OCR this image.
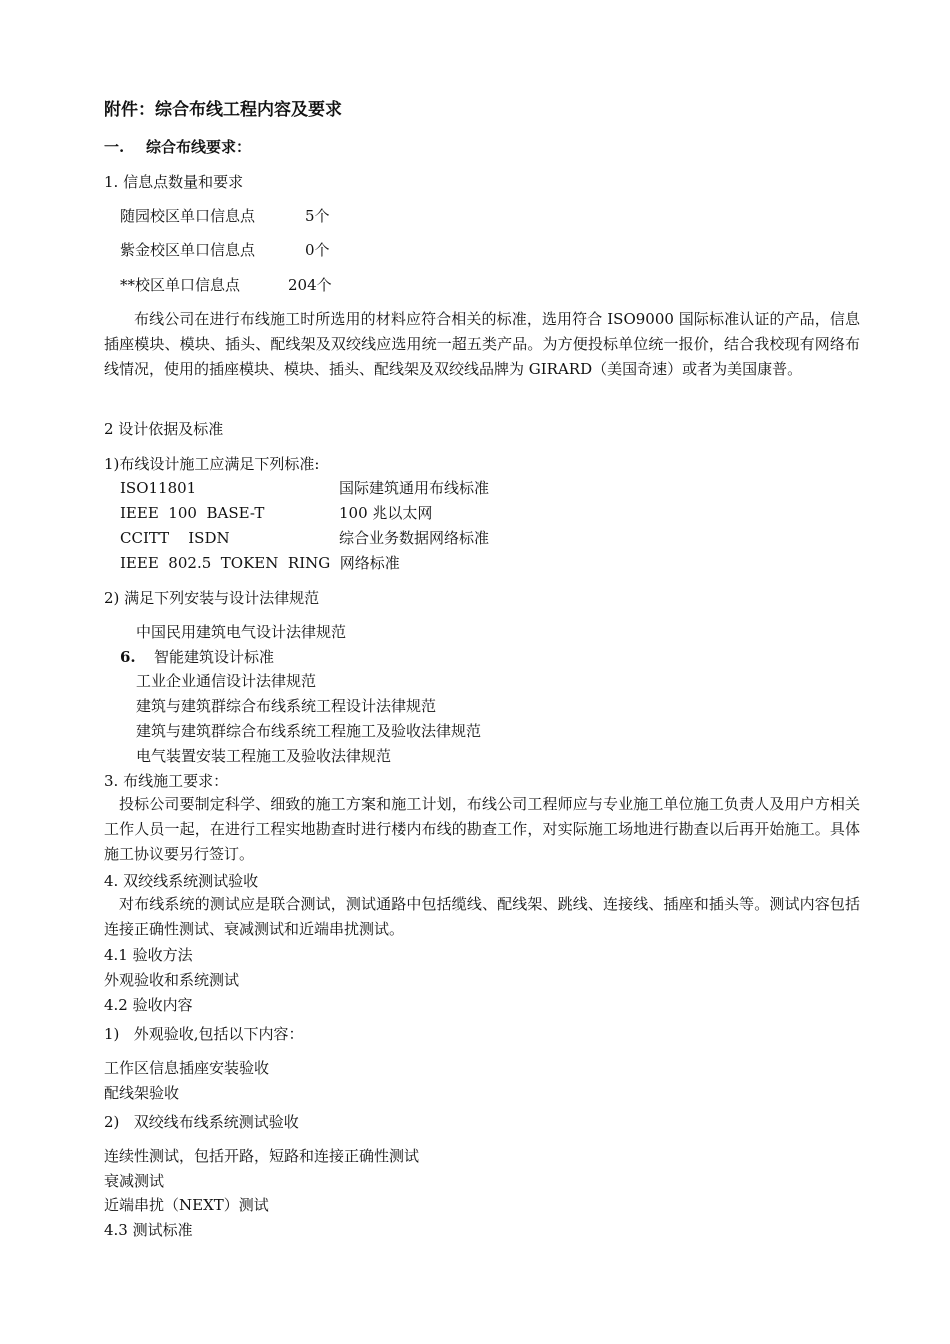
附件：综合布线工程内容及要求
一. 综合布线要求：
1. 信息点数量和要求
随园校区单口信息点	5个
紫金校区单口信息点	0个
**校区单口信息点	204个
布线公司在进行布线施工时所选用的材料应符合相关的标准，选用符合 ISO9000 国际标准认证的产品，信息插座模块、模块、插头、配线架及双绞线应选用统一超五类产品。为方便投标单位统一报价，结合我校现有网络布线情况，使用的插座模块、模块、插头、配线架及双绞线品牌为 GIRARD（美国奇速）或者为美国康普。
2 设计依据及标准
1)布线设计施工应满足下列标准:
ISO11801	国际建筑通用布线标准
IEEE  100  BASE-T	100 兆以太网
CCITT    ISDN	综合业务数据网络标准
IEEE  802.5  TOKEN  RING  网络标准
2) 满足下列安装与设计法律规范
中国民用建筑电气设计法律规范
6. 智能建筑设计标准
工业企业通信设计法律规范
建筑与建筑群综合布线系统工程设计法律规范
建筑与建筑群综合布线系统工程施工及验收法律规范
电气装置安装工程施工及验收法律规范
3. 布线施工要求：
投标公司要制定科学、细致的施工方案和施工计划，布线公司工程师应与专业施工单位施工负责人及用户方相关工作人员一起，在进行工程实地勘查时进行楼内布线的勘查工作，对实际施工场地进行勘查以后再开始施工。具体施工协议要另行签订。
4. 双绞线系统测试验收
对布线系统的测试应是联合测试，测试通路中包括缆线、配线架、跳线、连接线、插座和插头等。测试内容包括连接正确性测试、衰减测试和近端串扰测试。
4.1 验收方法
外观验收和系统测试
4.2 验收内容
1)   外观验收,包括以下内容：
工作区信息插座安装验收
配线架验收
2)   双绞线布线系统测试验收
连续性测试，包括开路，短路和连接正确性测试
衰减测试
近端串扰（NEXT）测试
4.3 测试标准
